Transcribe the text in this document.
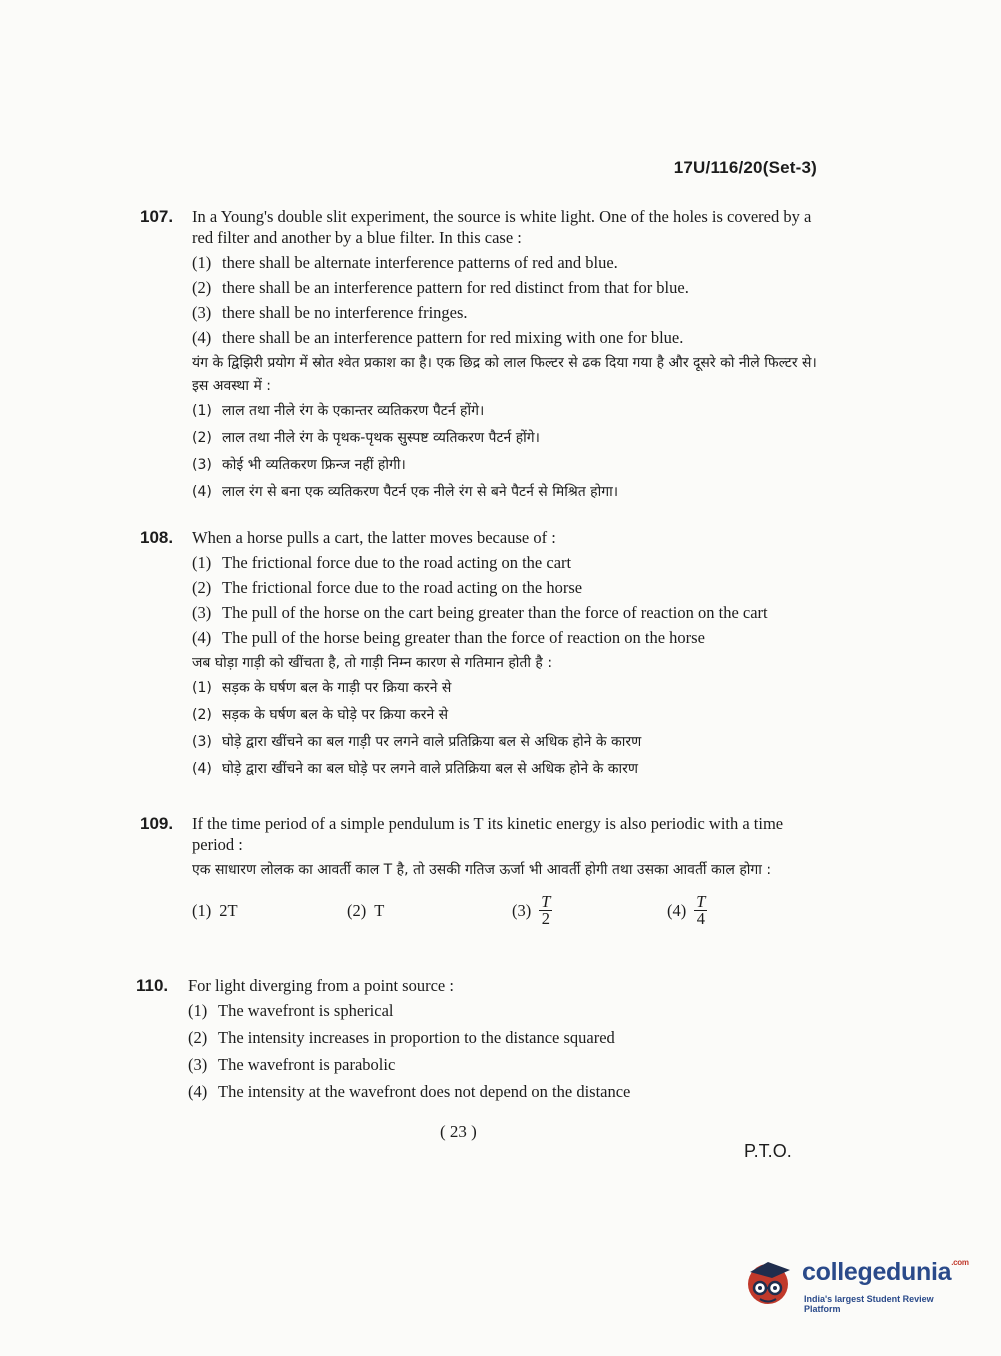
17U/116/20(Set-3)
107.	In a Young's double slit experiment, the source is white light. One of the holes is covered by a red filter and another by a blue filter. In this case :
(1) there shall be alternate interference patterns of red and blue.
(2) there shall be an interference pattern for red distinct from that for blue.
(3) there shall be no interference fringes.
(4) there shall be an interference pattern for red mixing with one for blue.
यंग के द्विझिरी प्रयोग में स्रोत श्वेत प्रकाश का है। एक छिद्र को लाल फिल्टर से ढक दिया गया है और दूसरे को नीले फिल्टर से। इस अवस्था में :
(1) लाल तथा नीले रंग के एकान्तर व्यतिकरण पैटर्न होंगे।
(2) लाल तथा नीले रंग के पृथक-पृथक सुस्पष्ट व्यतिकरण पैटर्न होंगे।
(3) कोई भी व्यतिकरण फ्रिन्ज नहीं होगी।
(4) लाल रंग से बना एक व्यतिकरण पैटर्न एक नीले रंग से बने पैटर्न से मिश्रित होगा।
108.	When a horse pulls a cart, the latter moves because of :
(1) The frictional force due to the road acting on the cart
(2) The frictional force due to the road acting on the horse
(3) The pull of the horse on the cart being greater than the force of reaction on the cart
(4) The pull of the horse being greater than the force of reaction on the horse
जब घोड़ा गाड़ी को खींचता है, तो गाड़ी निम्न कारण से गतिमान होती है :
(1) सड़क के घर्षण बल के गाड़ी पर क्रिया करने से
(2) सड़क के घर्षण बल के घोड़े पर क्रिया करने से
(3) घोड़े द्वारा खींचने का बल गाड़ी पर लगने वाले प्रतिक्रिया बल से अधिक होने के कारण
(4) घोड़े द्वारा खींचने का बल घोड़े पर लगने वाले प्रतिक्रिया बल से अधिक होने के कारण
109.	If the time period of a simple pendulum is T its kinetic energy is also periodic with a time period :
एक साधारण लोलक का आवर्ती काल T है, तो उसकी गतिज ऊर्जा भी आवर्ती होगी तथा उसका आवर्ती काल होगा :
(1) 2T	(2) T	$(3) \frac{T}{2}$	$(4) \frac{T}{4}$
110.	For light diverging from a point source :
(1) The wavefront is spherical
(2) The intensity increases in proportion to the distance squared
(3) The wavefront is parabolic
(4) The intensity at the wavefront does not depend on the distance
( 23 )
P.T.O.
collegedunia$^{.com}$
India's largest Student Review Platform
